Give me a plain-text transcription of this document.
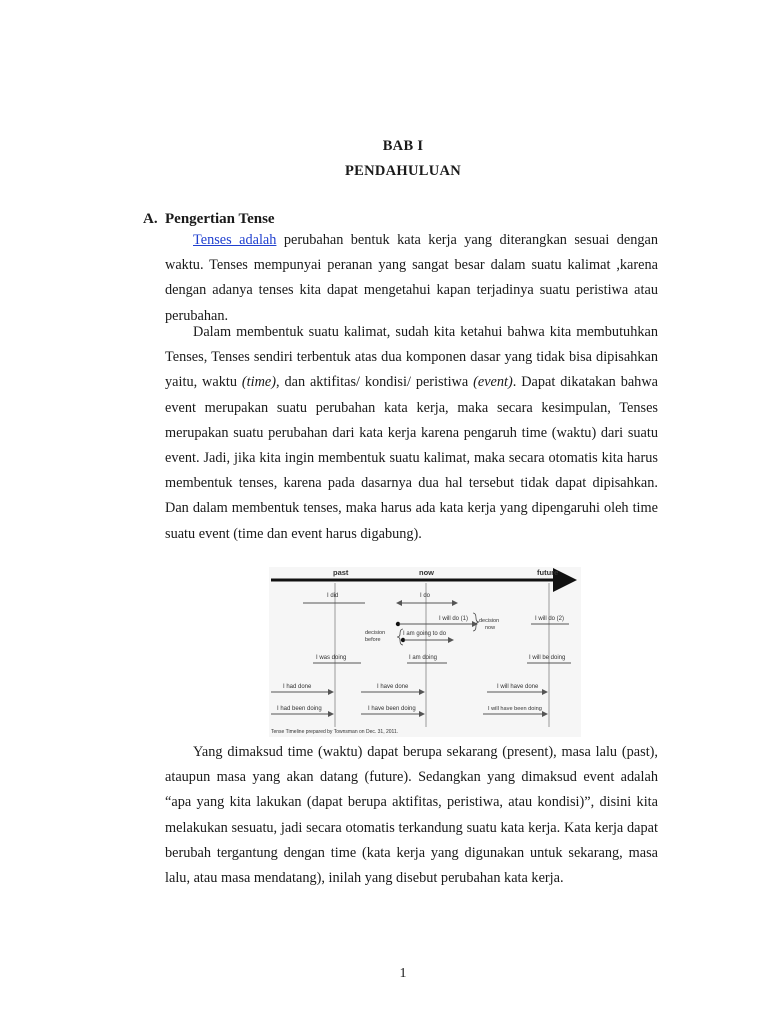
BAB I
PENDAHULUAN
A. Pengertian Tense

Tenses adalah perubahan bentuk kata kerja yang diterangkan sesuai dengan waktu. Tenses mempunyai peranan yang sangat besar dalam suatu kalimat ,karena dengan adanya tenses kita dapat mengetahui kapan terjadinya suatu peristiwa atau perubahan.

Dalam membentuk suatu kalimat, sudah kita ketahui bahwa kita membutuhkan Tenses, Tenses sendiri terbentuk atas dua komponen dasar yang tidak bisa dipisahkan yaitu, waktu (time), dan aktifitas/ kondisi/ peristiwa (event). Dapat dikatakan bahwa event merupakan suatu perubahan kata kerja, maka secara kesimpulan, Tenses merupakan suatu perubahan dari kata kerja karena pengaruh time (waktu) dari suatu event. Jadi, jika kita ingin membentuk suatu kalimat, maka secara otomatis kita harus membentuk tenses, karena pada dasarnya dua hal tersebut tidak dapat dipisahkan. Dan dalam membentuk tenses, maka harus ada kata kerja yang dipengaruhi oleh time suatu event (time dan event harus digabung).

past	now	future
I did	I do
I will do (1) decision
now
I will do (2)
decision
before
I am going to do
I was doing	I am doing	I will be doing
I had done	I have done	I will have done
I had been doing	I have been doing	I will have been doing
Tense Timeline prepared by Townsman on Dec. 31, 2011.

Yang dimaksud time (waktu) dapat berupa sekarang (present), masa lalu (past), ataupun masa yang akan datang (future). Sedangkan yang dimaksud event adalah “apa yang kita lakukan (dapat berupa aktifitas, peristiwa, atau kondisi)”, disini kita melakukan sesuatu, jadi secara otomatis terkandung suatu kata kerja. Kata kerja dapat berubah tergantung dengan time (kata kerja yang digunakan untuk sekarang, masa lalu, atau masa mendatang), inilah yang disebut perubahan kata kerja.

1
